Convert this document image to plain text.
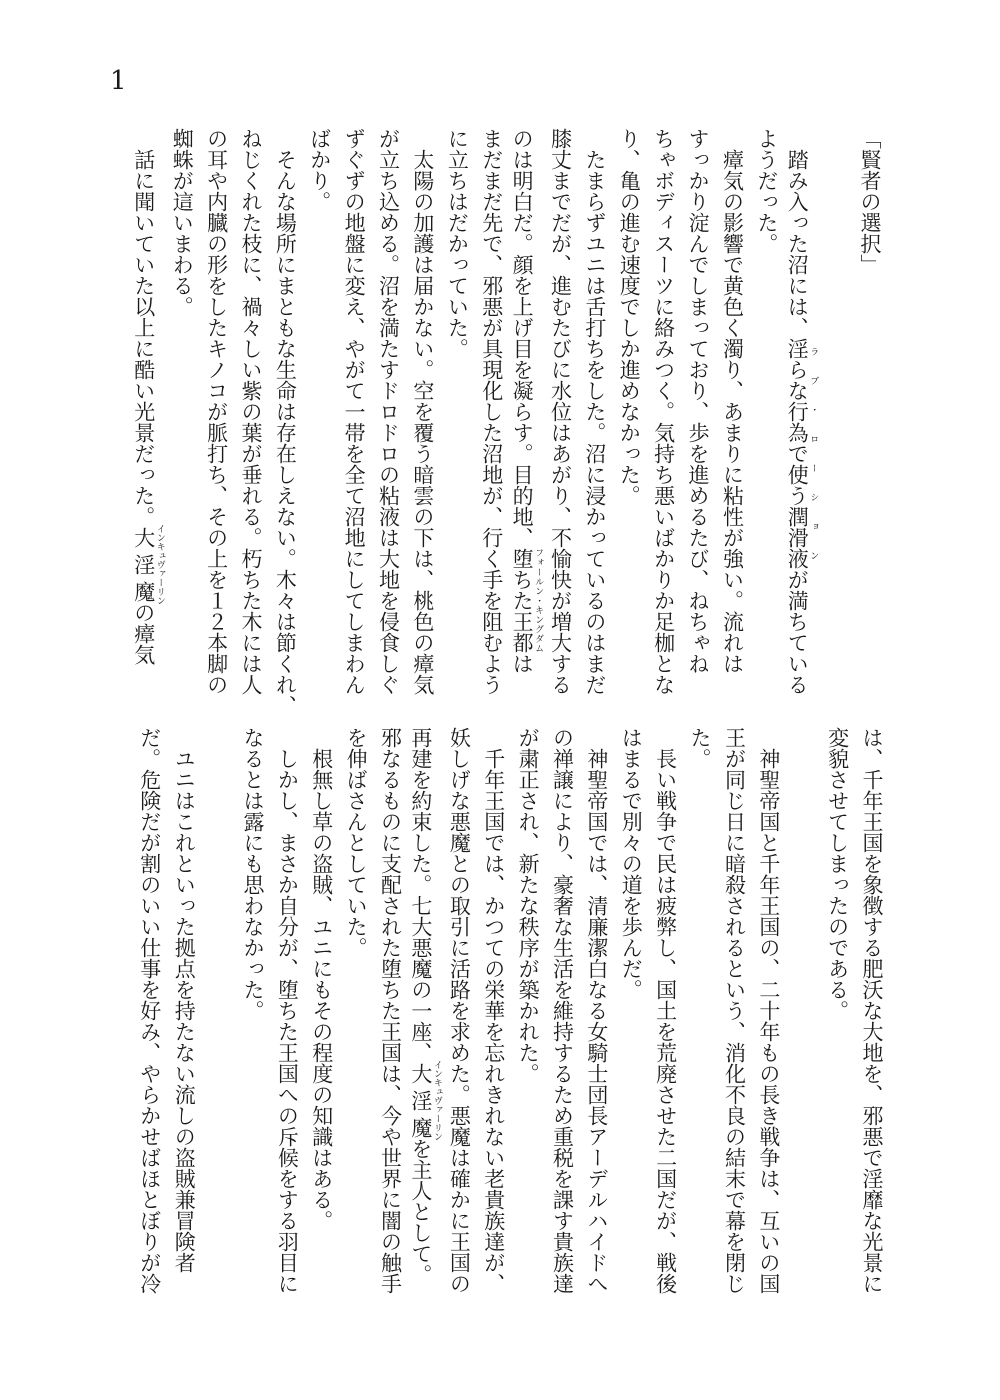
1
「賢者の選択」
　踏み入った沼には、淫らな行為で使う潤滑液 ラブ・ローションが満ちている
ようだった。
　瘴気の影響で黄色く濁り、あまりに粘性が強い。流れは
すっかり淀んでしまっており、歩を進めるたび、ねちゃね
ちゃボディスーツに絡みつく。気持ち悪いばかりか足枷とな
り、亀の進む速度でしか進めなかった。
　たまらずユニは舌打ちをした。沼に浸かっているのはまだ
膝丈までだが、進むたびに水位はあがり、不愉快が増大する
のは明白だ。顔を上げ目を凝らす。目的地、堕ちた王都 フォールン・キングダムは
まだまだ先で、邪悪が具現化した沼地が、行く手を阻むよう
に立ちはだかっていた。
　太陽の加護は届かない。空を覆う暗雲の下は、桃色の瘴気
が立ち込める。沼を満たすドロドロの粘液は大地を侵食しぐ
ずぐずの地盤に変え、やがて一帯を全て沼地にしてしまわん
ばかり。
　そんな場所にまともな生命は存在しえない。木々は節くれ、
ねじくれた枝に、禍々しい紫の葉が垂れる。朽ちた木には人
の耳や内臓の形をしたキノコが脈打ち、その上を１２本脚の
蜘蛛が這いまわる。
　話に聞いていた以上に酷い光景だった。大淫魔 インキュヴァーリンの瘴気
は、千年王国を象徴する肥沃な大地を、邪悪で淫靡な光景に
変貌させてしまったのである。
　神聖帝国と千年王国の、二十年もの長き戦争は、互いの国
王が同じ日に暗殺されるという、消化不良の結末で幕を閉じ
た。
　長い戦争で民は疲弊し、国土を荒廃させた二国だが、戦後
はまるで別々の道を歩んだ。
　神聖帝国では、清廉潔白なる女騎士団長アーデルハイドへ
の禅譲により、豪奢な生活を維持するため重税を課す貴族達
が粛正され、新たな秩序が築かれた。
　千年王国では、かつての栄華を忘れきれない老貴族達が、
妖しげな悪魔との取引に活路を求めた。悪魔は確かに王国の
再建を約束した。七大悪魔の一座、大淫魔 インキュヴァーリンを主人として。
邪なるものに支配された堕ちた王国は、今や世界に闇の触手
を伸ばさんとしていた。
　根無し草の盗賊、ユニにもその程度の知識はある。
　しかし、まさか自分が、堕ちた王国への斥候をする羽目に
なるとは露にも思わなかった。
　ユニはこれといった拠点を持たない流しの盗賊兼冒険者
だ。危険だが割のいい仕事を好み、やらかせばほとぼりが冷
